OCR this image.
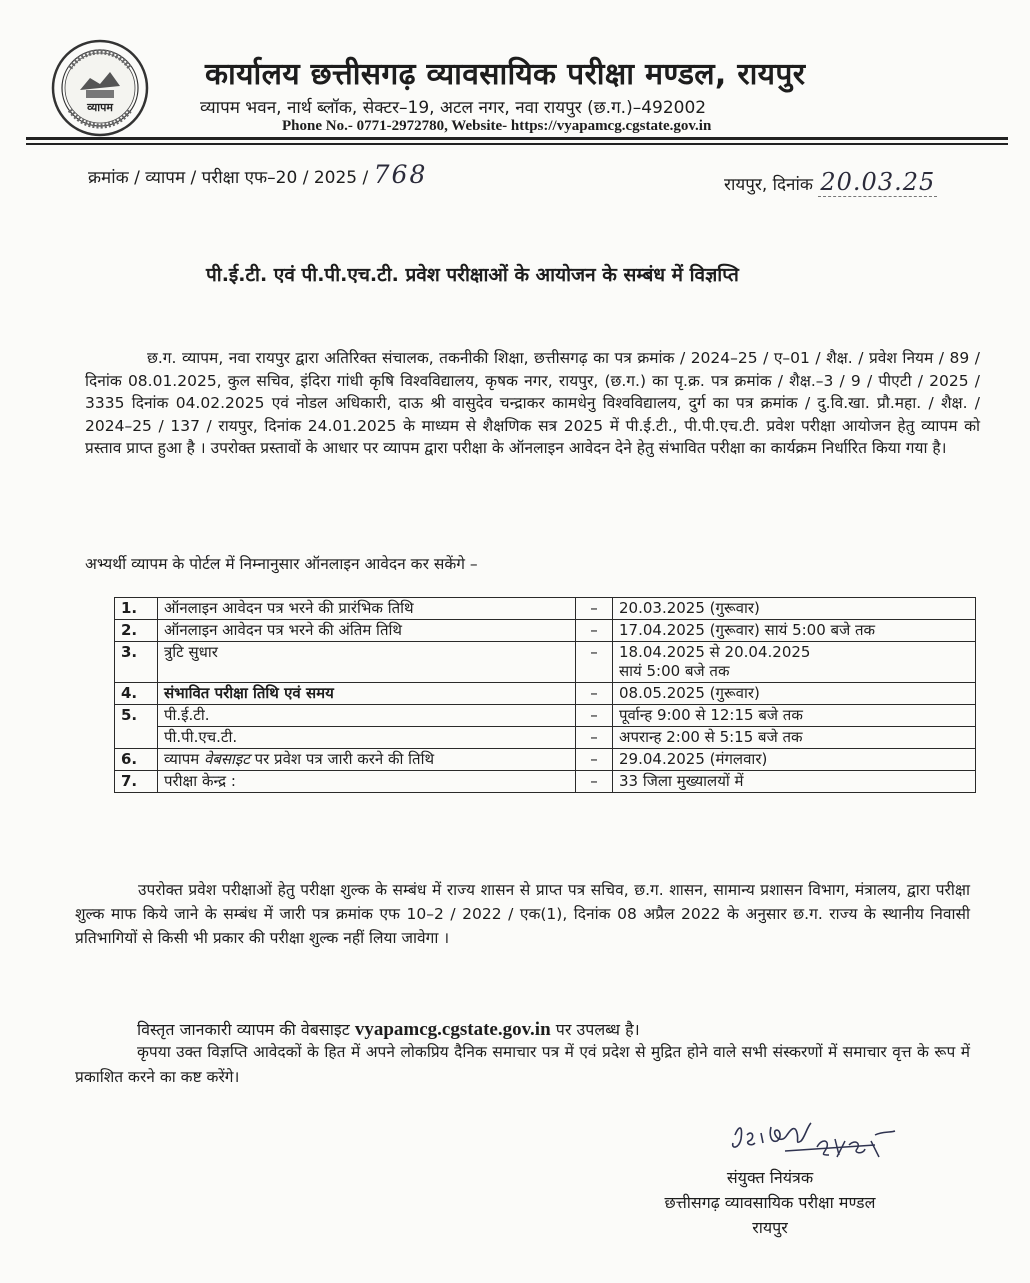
व्यापम
कार्यालय छत्तीसगढ़ व्यावसायिक परीक्षा मण्डल, रायपुर
व्यापम भवन, नार्थ ब्लॉक, सेक्टर–19, अटल नगर, नवा रायपुर (छ.ग.)–492002
Phone No.- 0771-2972780, Website- https://vyapamcg.cgstate.gov.in
क्रमांक / व्यापम / परीक्षा एफ–20 / 2025 / 768	रायपुर, दिनांक 20.03.25
पी.ई.टी. एवं पी.पी.एच.टी. प्रवेश परीक्षाओं के आयोजन के सम्बंध में विज्ञप्ति
छ.ग. व्यापम, नवा रायपुर द्वारा अतिरिक्त संचालक, तकनीकी शिक्षा, छत्तीसगढ़ का पत्र क्रमांक / 2024–25 / ए–01 / शैक्ष. / प्रवेश नियम / 89 / दिनांक 08.01.2025, कुल सचिव, इंदिरा गांधी कृषि विश्वविद्यालय, कृषक नगर, रायपुर, (छ.ग.) का पृ.क्र. पत्र क्रमांक / शैक्ष.–3 / 9 / पीएटी / 2025 / 3335 दिनांक 04.02.2025 एवं नोडल अधिकारी, दाऊ श्री वासुदेव चन्द्राकर कामधेनु विश्वविद्यालय, दुर्ग का पत्र क्रमांक / दु.वि.खा. प्रौ.महा. / शैक्ष. / 2024–25 / 137 / रायपुर, दिनांक 24.01.2025 के माध्यम से शैक्षणिक सत्र 2025 में पी.ई.टी., पी.पी.एच.टी. प्रवेश परीक्षा आयोजन हेतु व्यापम को प्रस्ताव प्राप्त हुआ है । उपरोक्त प्रस्तावों के आधार पर व्यापम द्वारा परीक्षा के ऑनलाइन आवेदन देने हेतु संभावित परीक्षा का कार्यक्रम निर्धारित किया गया है।
अभ्यर्थी व्यापम के पोर्टल में निम्नानुसार ऑनलाइन आवेदन कर सकेंगे –
1.	ऑनलाइन आवेदन पत्र भरने की प्रारंभिक तिथि	–	20.03.2025 (गुरूवार)
2.	ऑनलाइन आवेदन पत्र भरने की अंतिम तिथि	–	17.04.2025 (गुरूवार) सायं 5:00 बजे तक
3.	त्रुटि सुधार	–	18.04.2025 से 20.04.2025
सायं 5:00 बजे तक

4.	संभावित परीक्षा तिथि एवं समय	–	08.05.2025 (गुरूवार)
5.	पी.ई.टी.	–	पूर्वान्ह 9:00 से 12:15 बजे तक
	पी.पी.एच.टी.	–	अपरान्ह 2:00 से 5:15 बजे तक
6.	व्यापम वेबसाइट पर प्रवेश पत्र जारी करने की तिथि	–	29.04.2025 (मंगलवार)
7.	परीक्षा केन्द्र :	–	33 जिला मुख्यालयों में
उपरोक्त प्रवेश परीक्षाओं हेतु परीक्षा शुल्क के सम्बंध में राज्य शासन से प्राप्त पत्र सचिव, छ.ग. शासन, सामान्य प्रशासन विभाग, मंत्रालय, द्वारा परीक्षा शुल्क माफ किये जाने के सम्बंध में जारी पत्र क्रमांक एफ 10–2 / 2022 / एक(1), दिनांक 08 अप्रैल 2022 के अनुसार छ.ग. राज्य के स्थानीय निवासी प्रतिभागियों से किसी भी प्रकार की परीक्षा शुल्क नहीं लिया जावेगा ।
विस्तृत जानकारी व्यापम की वेबसाइट vyapamcg.cgstate.gov.in पर उपलब्ध है।
कृपया उक्त विज्ञप्ति आवेदकों के हित में अपने लोकप्रिय दैनिक समाचार पत्र में एवं प्रदेश से मुद्रित होने वाले सभी संस्करणों में समाचार वृत्त के रूप में प्रकाशित करने का कष्ट करेंगे।
संयुक्त नियंत्रक
छत्तीसगढ़ व्यावसायिक परीक्षा मण्डल
रायपुर
